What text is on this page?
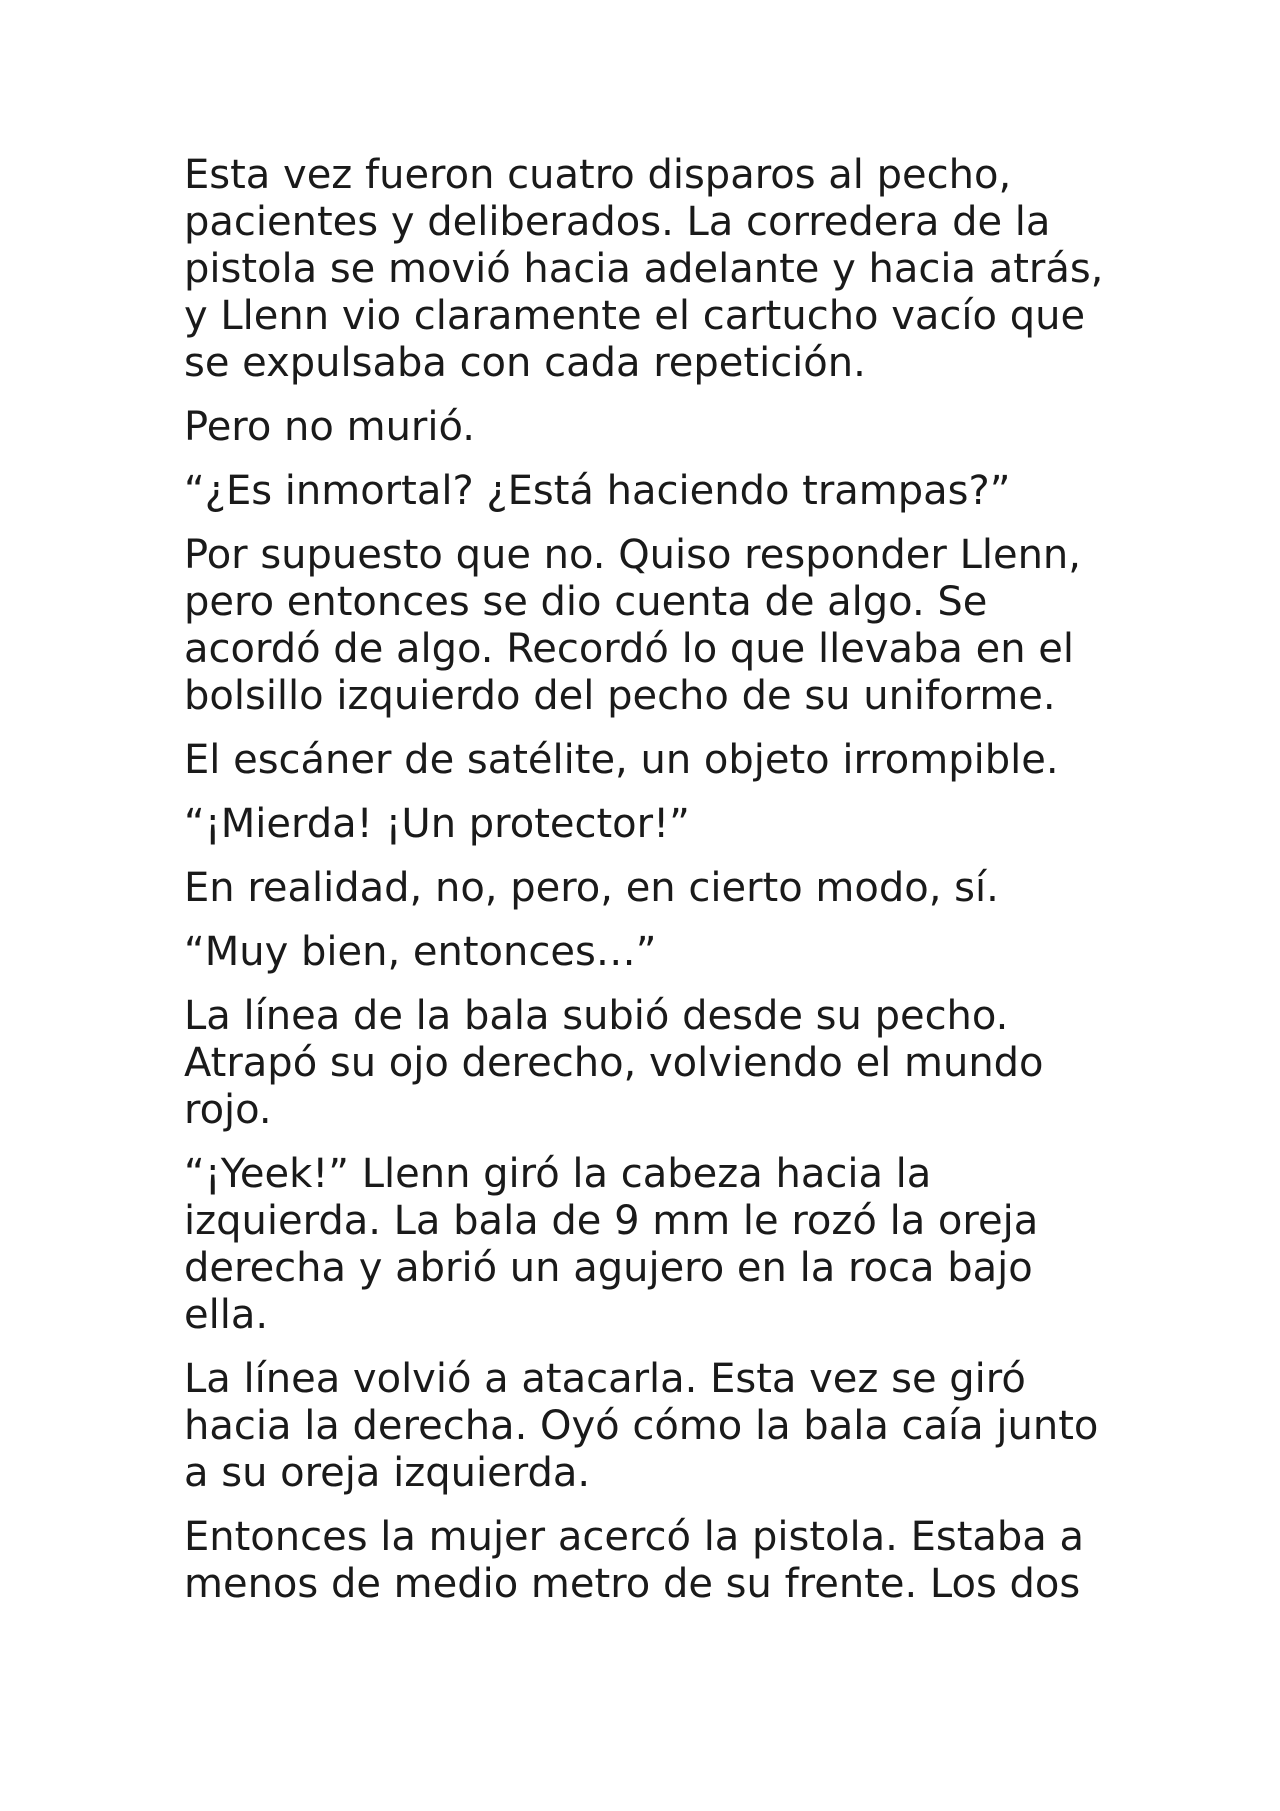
Esta vez fueron cuatro disparos al pecho, pacientes y deliberados. La corredera de la pistola se movió hacia adelante y hacia atrás, y Llenn vio claramente el cartucho vacío que se expulsaba con cada repetición.

Pero no murió.

“¿Es inmortal? ¿Está haciendo trampas?”

Por supuesto que no. Quiso responder Llenn, pero entonces se dio cuenta de algo. Se acordó de algo. Recordó lo que llevaba en el bolsillo izquierdo del pecho de su uniforme.

El escáner de satélite, un objeto irrompible.

“¡Mierda! ¡Un protector!”

En realidad, no, pero, en cierto modo, sí.

“Muy bien, entonces…”

La línea de la bala subió desde su pecho. Atrapó su ojo derecho, volviendo el mundo rojo.

“¡Yeek!” Llenn giró la cabeza hacia la izquierda. La bala de 9 mm le rozó la oreja derecha y abrió un agujero en la roca bajo ella.

La línea volvió a atacarla. Esta vez se giró hacia la derecha. Oyó cómo la bala caía junto a su oreja izquierda.

Entonces la mujer acercó la pistola. Estaba a menos de medio metro de su frente. Los dos
